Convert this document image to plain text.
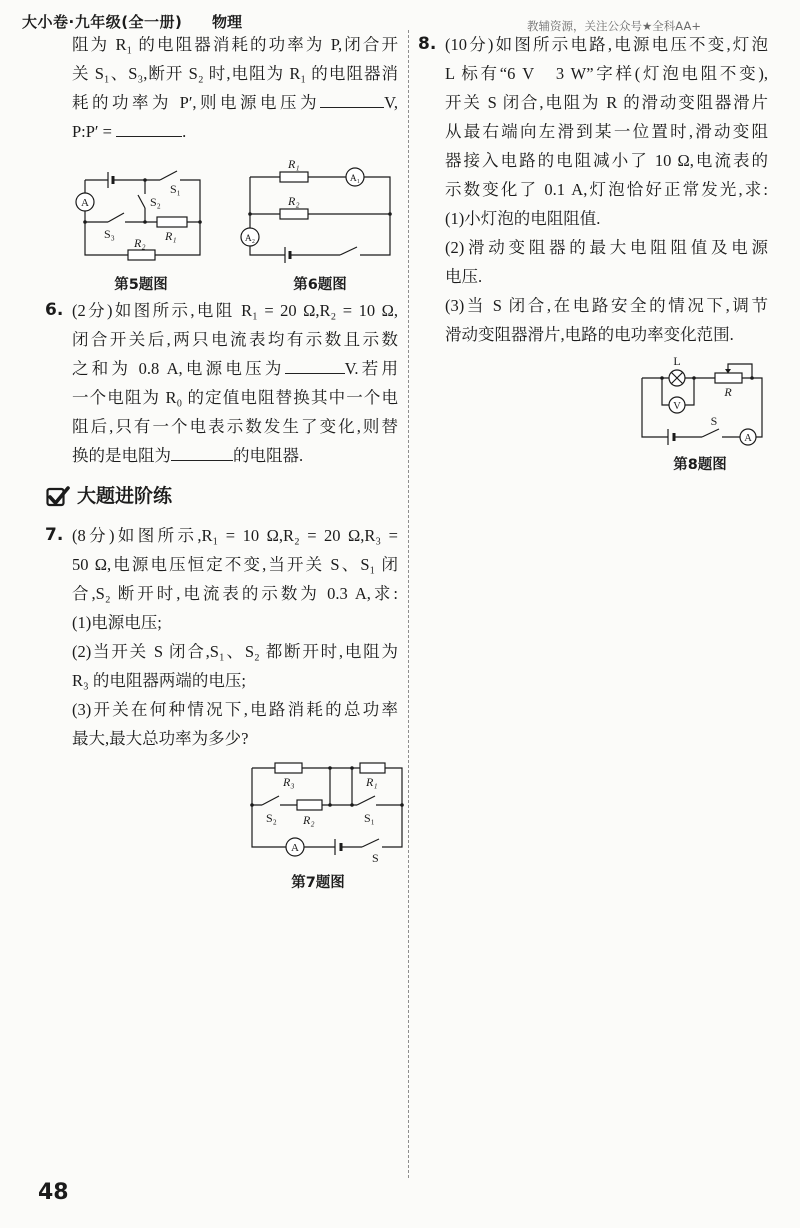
大小卷·九年级(全一册) 物理	教辅资源，关注公众号★全科AA+
阻为 R₁ 的电阻器消耗的功率为 P,闭合开
关 S₁、S₃,断开 S₂ 时,电阻为 R₁ 的电阻器消
耗的功率为 P′,则电源电压为	V,
P:P′ =	.
A
S₁
S₂
S₃	R₁
R₂
第5题图
R₁
R₂
A₁
A₂
第6题图
6. (2分)如图所示,电阻 R₁ = 20 Ω,R₂ = 10 Ω,
闭合开关后,两只电流表均有示数且示数
之和为 0.8 A,电源电压为	V.若用
一个电阻为 R₀ 的定值电阻替换其中一个电
阻后,只有一个电表示数发生了变化,则替
换的是电阻为	的电阻器.
大题进阶练
7. (8分)如图所示,R₁ = 10 Ω,R₂ = 20 Ω,R₃ =
50 Ω,电源电压恒定不变,当开关 S、S₁ 闭
合,S₂ 断开时,电流表的示数为 0.3 A,求:
(1)电源电压;
(2)当开关 S 闭合,S₁、S₂ 都断开时,电阻为
R₃ 的电阻器两端的电压;
(3)开关在何种情况下,电路消耗的总功率
最大,最大总功率为多少?
A
R₃	R₁
S₂ R₂	S₁
S
第7题图
8. (10分)如图所示电路,电源电压不变,灯泡
L 标有“6 V　3 W”字样(灯泡电阻不变),
开关 S 闭合,电阻为 R 的滑动变阻器滑片
从最右端向左滑到某一位置时,滑动变阻
器接入电路的电阻减小了 10 Ω,电流表的
示数变化了 0.1 A,灯泡恰好正常发光,求:
(1)小灯泡的电阻阻值.
(2)滑动变阻器的最大电阻阻值及电源
电压.
(3)当 S 闭合,在电路安全的情况下,调节
滑动变阻器滑片,电路的电功率变化范围.
V
A
L
R
S
第8题图
48
